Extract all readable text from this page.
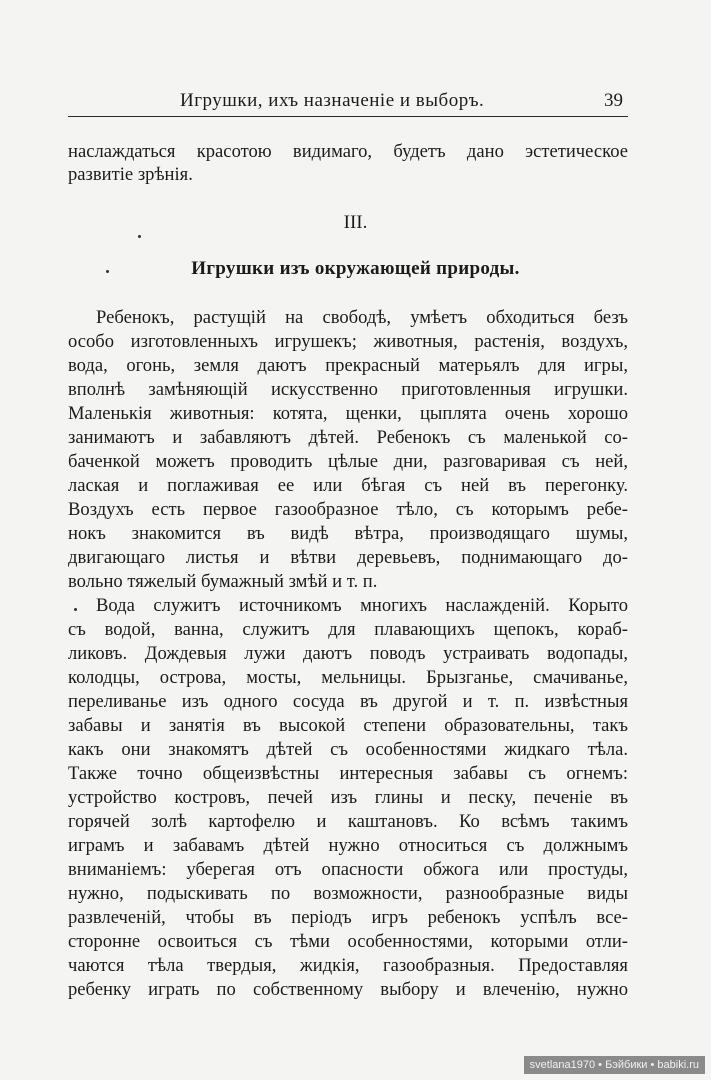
Игрушки, ихъ назначеніе и выборъ.	39
наслаждаться красотою видимаго, будетъ дано эстетическое
развитіе зрѣнія.
III.
Игрушки изъ окружающей природы.
Ребенокъ, растущій на свободѣ, умѣетъ обходиться безъ
особо изготовленныхъ игрушекъ; животныя, растенія, воздухъ,
вода, огонь, земля даютъ прекрасный матерьялъ для игры,
вполнѣ замѣняющій искусственно приготовленныя игрушки.
Маленькія животныя: котята, щенки, цыплята очень хорошо
занимаютъ и забавляютъ дѣтей. Ребенокъ съ маленькой со-
баченкой можетъ проводить цѣлые дни, разговаривая съ ней,
лаская и поглаживая ее или бѣгая съ ней въ перегонку.
Воздухъ есть первое газообразное тѣло, съ которымъ ребе-
нокъ знакомится въ видѣ вѣтра, производящаго шумы,
двигающаго листья и вѣтви деревьевъ, поднимающаго до-
вольно тяжелый бумажный змѣй и т. п.
Вода служитъ источникомъ многихъ наслажденій. Корыто
съ водой, ванна, служитъ для плавающихъ щепокъ, кораб-
ликовъ. Дождевыя лужи даютъ поводъ устраивать водопады,
колодцы, острова, мосты, мельницы. Брызганье, смачиванье,
переливанье изъ одного сосуда въ другой и т. п. извѣстныя
забавы и занятія въ высокой степени образовательны, такъ
какъ они знакомятъ дѣтей съ особенностями жидкаго тѣла.
Также точно общеизвѣстны интересныя забавы съ огнемъ:
устройство костровъ, печей изъ глины и песку, печеніе въ
горячей золѣ картофелю и каштановъ. Ко всѣмъ такимъ
играмъ и забавамъ дѣтей нужно относиться съ должнымъ
вниманіемъ: уберегая отъ опасности обжога или простуды,
нужно, подыскивать по возможности, разнообразные виды
развлеченій, чтобы въ періодъ игръ ребенокъ успѣлъ все-
сторонне освоиться съ тѣми особенностями, которыми отли-
чаются тѣла твердыя, жидкія, газообразныя. Предоставляя
ребенку играть по собственному выбору и влеченію, нужно
svetlana1970 • Бэйбики • babiki.ru
